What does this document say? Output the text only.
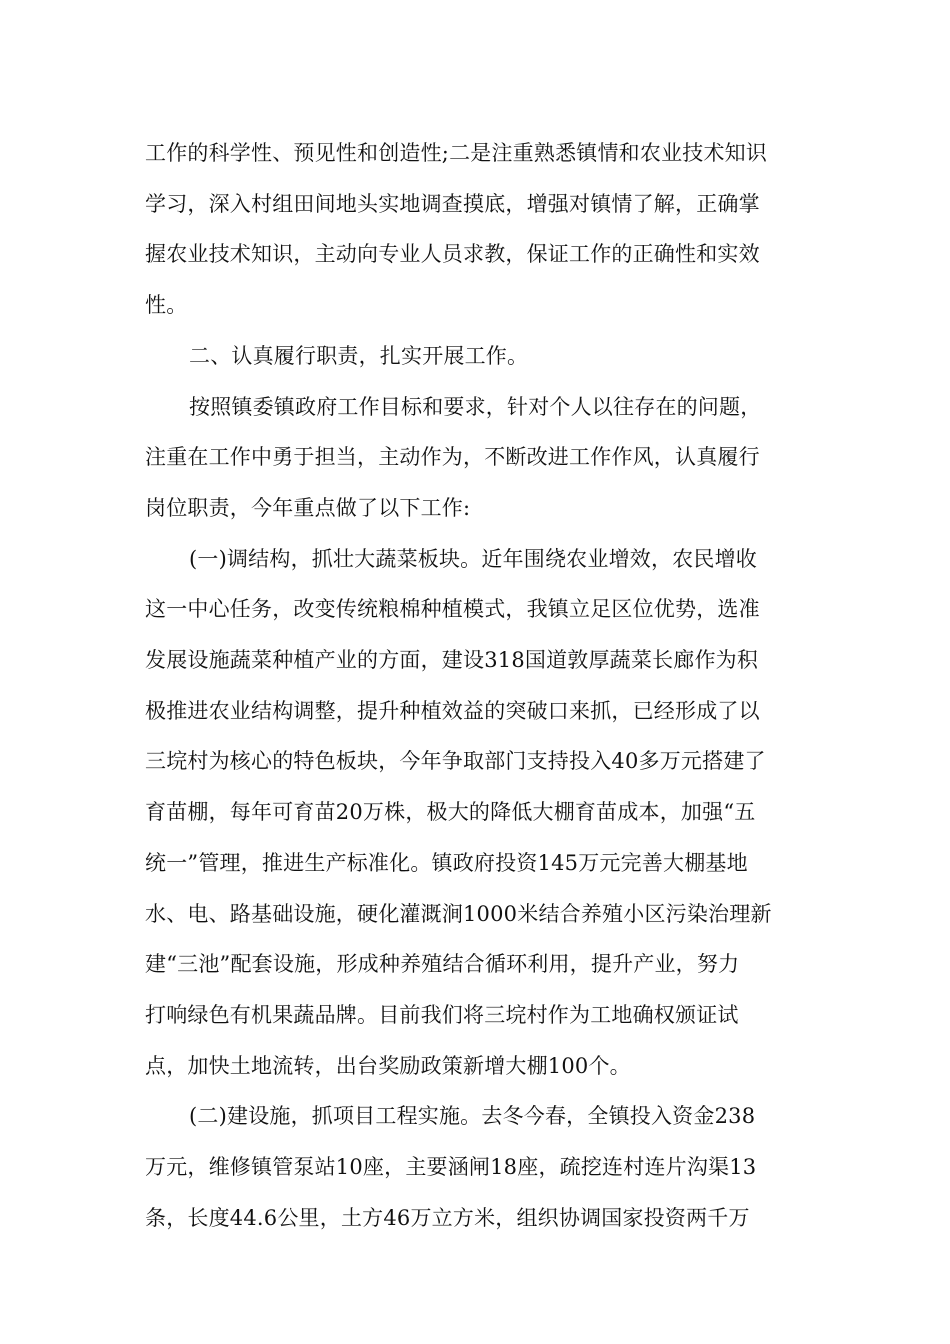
工作的科学性、预见性和创造性;二是注重熟悉镇情和农业技术知识
学习，深入村组田间地头实地调查摸底，增强对镇情了解，正确掌
握农业技术知识，主动向专业人员求教，保证工作的正确性和实效
性。

二、认真履行职责，扎实开展工作。

按照镇委镇政府工作目标和要求，针对个人以往存在的问题，
注重在工作中勇于担当，主动作为，不断改进工作作风，认真履行
岗位职责，今年重点做了以下工作:

(一)调结构，抓壮大蔬菜板块。近年围绕农业增效，农民增收
这一中心任务，改变传统粮棉种植模式，我镇立足区位优势，选准
发展设施蔬菜种植产业的方面，建设318国道敦厚蔬菜长廊作为积
极推进农业结构调整，提升种植效益的突破口来抓，已经形成了以
三垸村为核心的特色板块，今年争取部门支持投入40多万元搭建了
育苗棚，每年可育苗20万株，极大的降低大棚育苗成本，加强“五
统一”管理，推进生产标准化。镇政府投资145万元完善大棚基地
水、电、路基础设施，硬化灌溉涧1000米结合养殖小区污染治理新
建“三池”配套设施，形成种养殖结合循环利用，提升产业，努力
打响绿色有机果蔬品牌。目前我们将三垸村作为工地确权颁证试
点，加快土地流转，出台奖励政策新增大棚100个。

(二)建设施，抓项目工程实施。去冬今春，全镇投入资金238
万元，维修镇管泵站10座，主要涵闸18座，疏挖连村连片沟渠13
条，长度44.6公里，土方46万立方米，组织协调国家投资两千万
